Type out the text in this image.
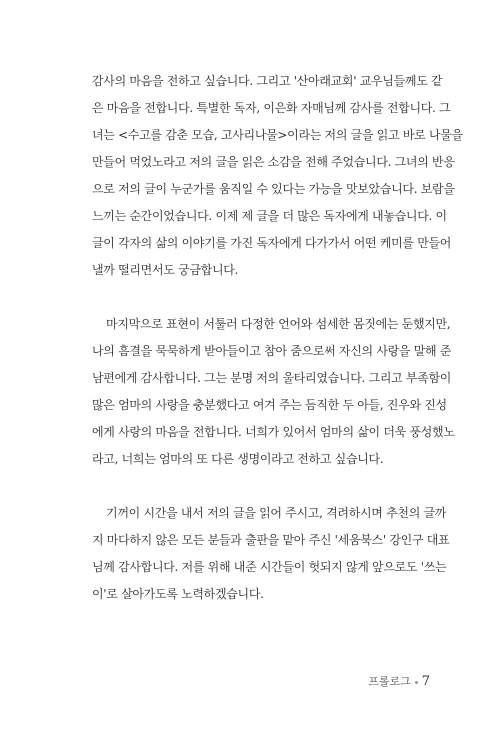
감사의 마음을 전하고 싶습니다. 그리고 '산아래교회' 교우님들께도 같
은 마음을 전합니다. 특별한 독자, 이은화 자매님께 감사를 전합니다. 그
녀는 <수고를 감춘 모습, 고사리나물>이라는 저의 글을 읽고 바로 나물을
만들어 먹었노라고 저의 글을 읽은 소감을 전해 주었습니다. 그녀의 반응
으로 저의 글이 누군가를 움직일 수 있다는 가능을 맛보았습니다. 보람을
느끼는 순간이었습니다. 이제 제 글을 더 많은 독자에게 내놓습니다. 이
글이 각자의 삶의 이야기를 가진 독자에게 다가가서 어떤 케미를 만들어
낼까 떨리면서도 궁금합니다.

마지막으로 표현이 서툴러 다정한 언어와 섬세한 몸짓에는 둔했지만,
나의 흠결을 묵묵하게 받아들이고 참아 줌으로써 자신의 사랑을 말해 준
남편에게 감사합니다. 그는 분명 저의 울타리였습니다. 그리고 부족함이
많은 엄마의 사랑을 충분했다고 여겨 주는 듬직한 두 아들, 진우와 진성
에게 사랑의 마음을 전합니다. 너희가 있어서 엄마의 삶이 더욱 풍성했노
라고, 너희는 엄마의 또 다른 생명이라고 전하고 싶습니다.

기꺼이 시간을 내서 저의 글을 읽어 주시고, 격려하시며 추천의 글까
지 마다하지 않은 모든 분들과 출판을 맡아 주신 '세움북스' 강인구 대표
님께 감사합니다. 저를 위해 내준 시간들이 헛되지 않게 앞으로도 '쓰는
이'로 살아가도록 노력하겠습니다.

프롤로그 7
